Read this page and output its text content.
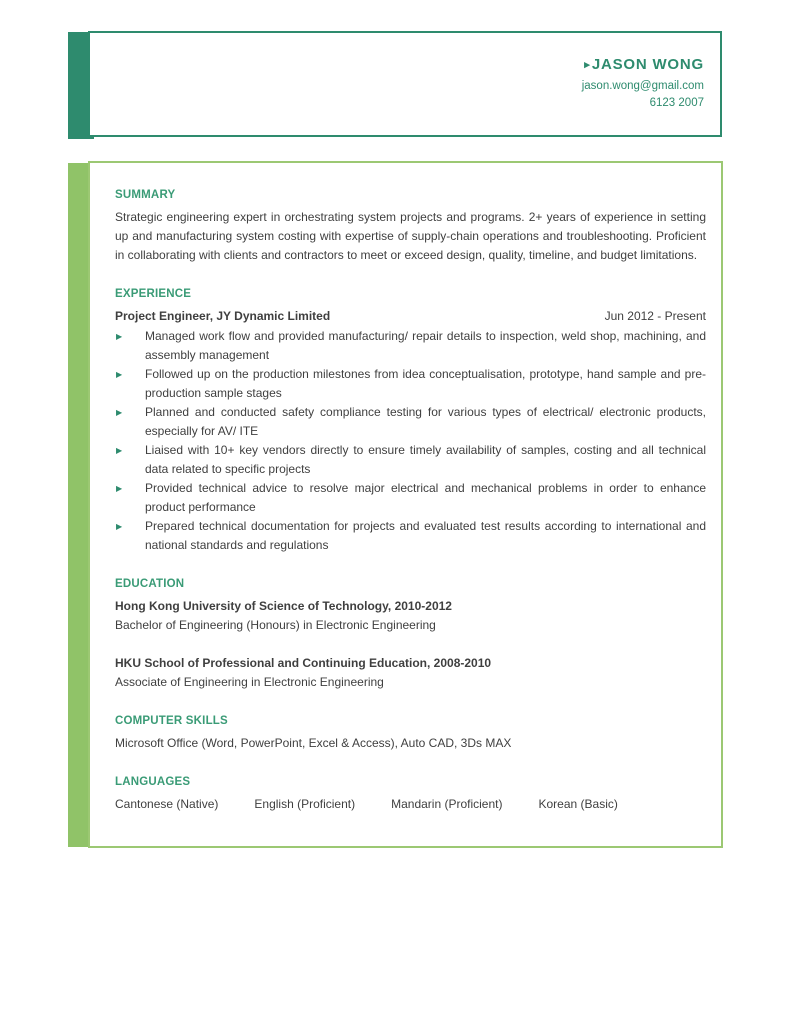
▸ JASON WONG
jason.wong@gmail.com
6123 2007
SUMMARY

Strategic engineering expert in orchestrating system projects and programs. 2+ years of experience in setting up and manufacturing system costing with expertise of supply-chain operations and troubleshooting. Proficient in collaborating with clients and contractors to meet or exceed design, quality, timeline, and budget limitations.

EXPERIENCE
Project Engineer, JY Dynamic Limited	Jun 2012 - Present
▶	Managed work flow and provided manufacturing/ repair details to inspection, weld shop, machining, and assembly management
▶	Followed up on the production milestones from idea conceptualisation, prototype, hand sample and pre-production sample stages
▶	Planned and conducted safety compliance testing for various types of electrical/ electronic products, especially for AV/ ITE
▶	Liaised with 10+ key vendors directly to ensure timely availability of samples, costing and all technical data related to specific projects
▶	Provided technical advice to resolve major electrical and mechanical problems in order to enhance product performance
▶	Prepared technical documentation for projects and evaluated test results according to international and national standards and regulations
EDUCATION

Hong Kong University of Science of Technology, 2010-2012

Bachelor of Engineering (Honours) in Electronic Engineering

HKU School of Professional and Continuing Education, 2008-2010

Associate of Engineering in Electronic Engineering

COMPUTER SKILLS

Microsoft Office (Word, PowerPoint, Excel & Access), Auto CAD, 3Ds MAX

LANGUAGES
Cantonese (Native)	English (Proficient)	Mandarin (Proficient)	Korean (Basic)
